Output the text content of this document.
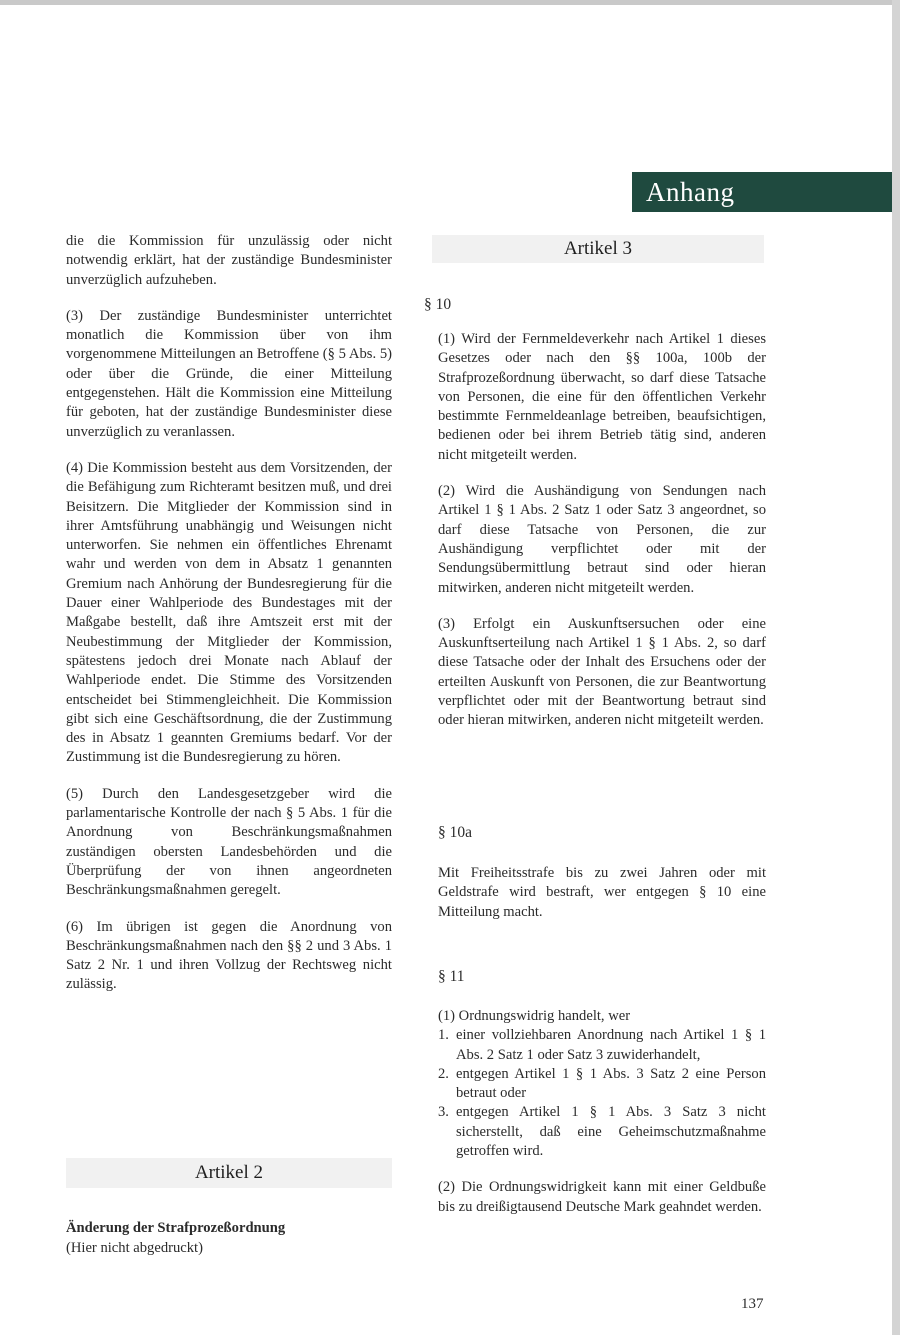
Anhang

die die Kommission für unzulässig oder nicht notwendig erklärt, hat der zuständige Bundesminister unverzüglich aufzuheben.

(3) Der zuständige Bundesminister unterrichtet monatlich die Kommission über von ihm vorgenommene Mitteilungen an Betroffene (§ 5 Abs. 5) oder über die Gründe, die einer Mitteilung entgegenstehen. Hält die Kommission eine Mitteilung für geboten, hat der zuständige Bundesminister diese unverzüglich zu veranlassen.

(4) Die Kommission besteht aus dem Vorsitzenden, der die Befähigung zum Richteramt besitzen muß, und drei Beisitzern. Die Mitglieder der Kommission sind in ihrer Amtsführung unabhängig und Weisungen nicht unterworfen. Sie nehmen ein öffentliches Ehrenamt wahr und werden von dem in Absatz 1 genannten Gremium nach Anhörung der Bundesregierung für die Dauer einer Wahlperiode des Bundestages mit der Maßgabe bestellt, daß ihre Amtszeit erst mit der Neubestimmung der Mitglieder der Kommission, spätestens jedoch drei Monate nach Ablauf der Wahlperiode endet. Die Stimme des Vorsitzenden entscheidet bei Stimmengleichheit. Die Kommission gibt sich eine Geschäftsordnung, die der Zustimmung des in Absatz 1 geannten Gremiums bedarf. Vor der Zustimmung ist die Bundesregierung zu hören.

(5) Durch den Landesgesetzgeber wird die parlamentarische Kontrolle der nach § 5 Abs. 1 für die Anordnung von Beschränkungsmaßnahmen zuständigen obersten Landesbehörden und die Überprüfung der von ihnen angeordneten Beschränkungsmaßnahmen geregelt.

(6) Im übrigen ist gegen die Anordnung von Beschränkungsmaßnahmen nach den §§ 2 und 3 Abs. 1 Satz 2 Nr. 1 und ihren Vollzug der Rechtsweg nicht zulässig.

Artikel 2
Änderung der Strafprozeßordnung
(Hier nicht abgedruckt)
Artikel 3
§ 10

(1) Wird der Fernmeldeverkehr nach Artikel 1 dieses Gesetzes oder nach den §§ 100a, 100b der Strafprozeßordnung überwacht, so darf diese Tatsache von Personen, die eine für den öffentlichen Verkehr bestimmte Fernmeldeanlage betreiben, beaufsichtigen, bedienen oder bei ihrem Betrieb tätig sind, anderen nicht mitgeteilt werden.

(2) Wird die Aushändigung von Sendungen nach Artikel 1 § 1 Abs. 2 Satz 1 oder Satz 3 angeordnet, so darf diese Tatsache von Personen, die zur Aushändigung verpflichtet oder mit der Sendungsübermittlung betraut sind oder hieran mitwirken, anderen nicht mitgeteilt werden.

(3) Erfolgt ein Auskunftsersuchen oder eine Auskunftserteilung nach Artikel 1 § 1 Abs. 2, so darf diese Tatsache oder der Inhalt des Ersuchens oder der erteilten Auskunft von Personen, die zur Beantwortung verpflichtet oder mit der Beantwortung betraut sind oder hieran mitwirken, anderen nicht mitgeteilt werden.

§ 10a

Mit Freiheitsstrafe bis zu zwei Jahren oder mit Geldstrafe wird bestraft, wer entgegen § 10 eine Mitteilung macht.

§ 11
(1) Ordnungswidrig handelt, wer
1. einer vollziehbaren Anordnung nach Artikel 1 § 1 Abs. 2 Satz 1 oder Satz 3 zuwiderhandelt,
2. entgegen Artikel 1 § 1 Abs. 3 Satz 2 eine Person betraut oder
3. entgegen Artikel 1 § 1 Abs. 3 Satz 3 nicht sicherstellt, daß eine Geheimschutzmaßnahme getroffen wird.

(2) Die Ordnungswidrigkeit kann mit einer Geldbuße bis zu dreißigtausend Deutsche Mark geahndet werden.

137
